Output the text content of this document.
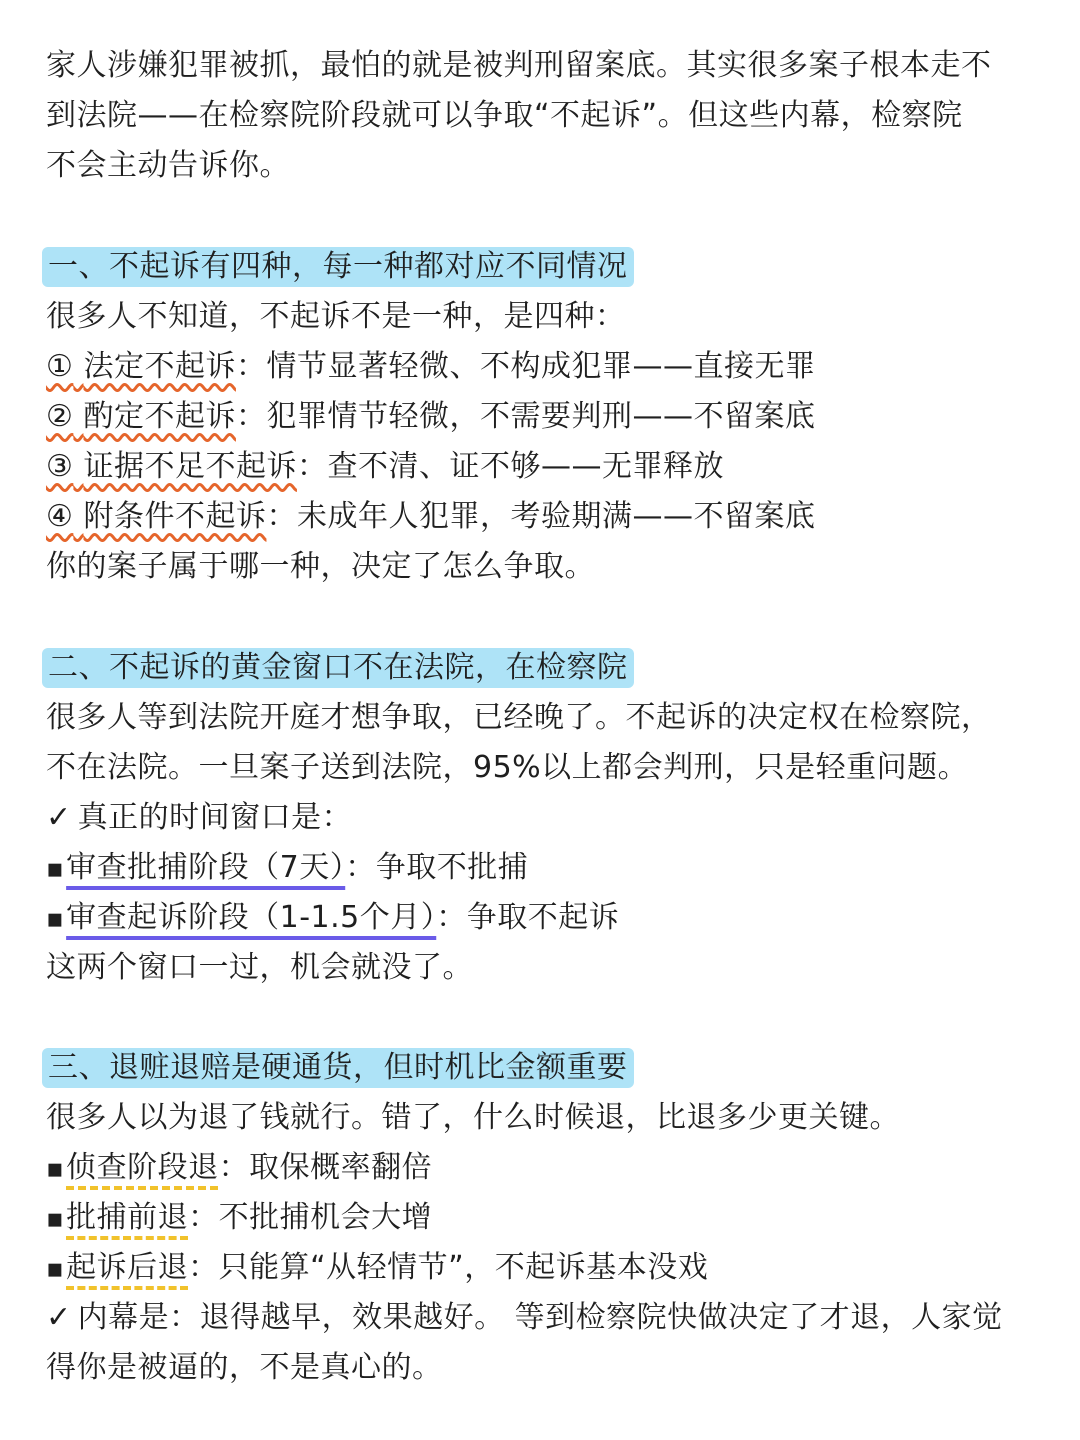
家人涉嫌犯罪被抓，最怕的就是被判刑留案底。其实很多案子根本走不
到法院——在检察院阶段就可以争取“不起诉”。但这些内幕，检察院
不会主动告诉你。
一、不起诉有四种，每一种都对应不同情况
很多人不知道，不起诉不是一种，是四种：
① 法定不起诉：情节显著轻微、不构成犯罪——直接无罪
② 酌定不起诉：犯罪情节轻微，不需要判刑——不留案底
③ 证据不足不起诉：查不清、证不够——无罪释放
④ 附条件不起诉：未成年人犯罪，考验期满——不留案底
你的案子属于哪一种，决定了怎么争取。
二、不起诉的黄金窗口不在法院，在检察院
很多人等到法院开庭才想争取，已经晚了。不起诉的决定权在检察院，
不在法院。一旦案子送到法院，95%以上都会判刑，只是轻重问题。
✓ 真正的时间窗口是：
▪审查批捕阶段（7天）：争取不批捕
▪审查起诉阶段（1-1.5个月）：争取不起诉
这两个窗口一过，机会就没了。
三、退赃退赔是硬通货，但时机比金额重要
很多人以为退了钱就行。错了，什么时候退，比退多少更关键。
▪侦查阶段退：取保概率翻倍
▪批捕前退：不批捕机会大增
▪起诉后退：只能算“从轻情节”，不起诉基本没戏
✓ 内幕是：退得越早，效果越好。 等到检察院快做决定了才退，人家觉
得你是被逼的，不是真心的。
